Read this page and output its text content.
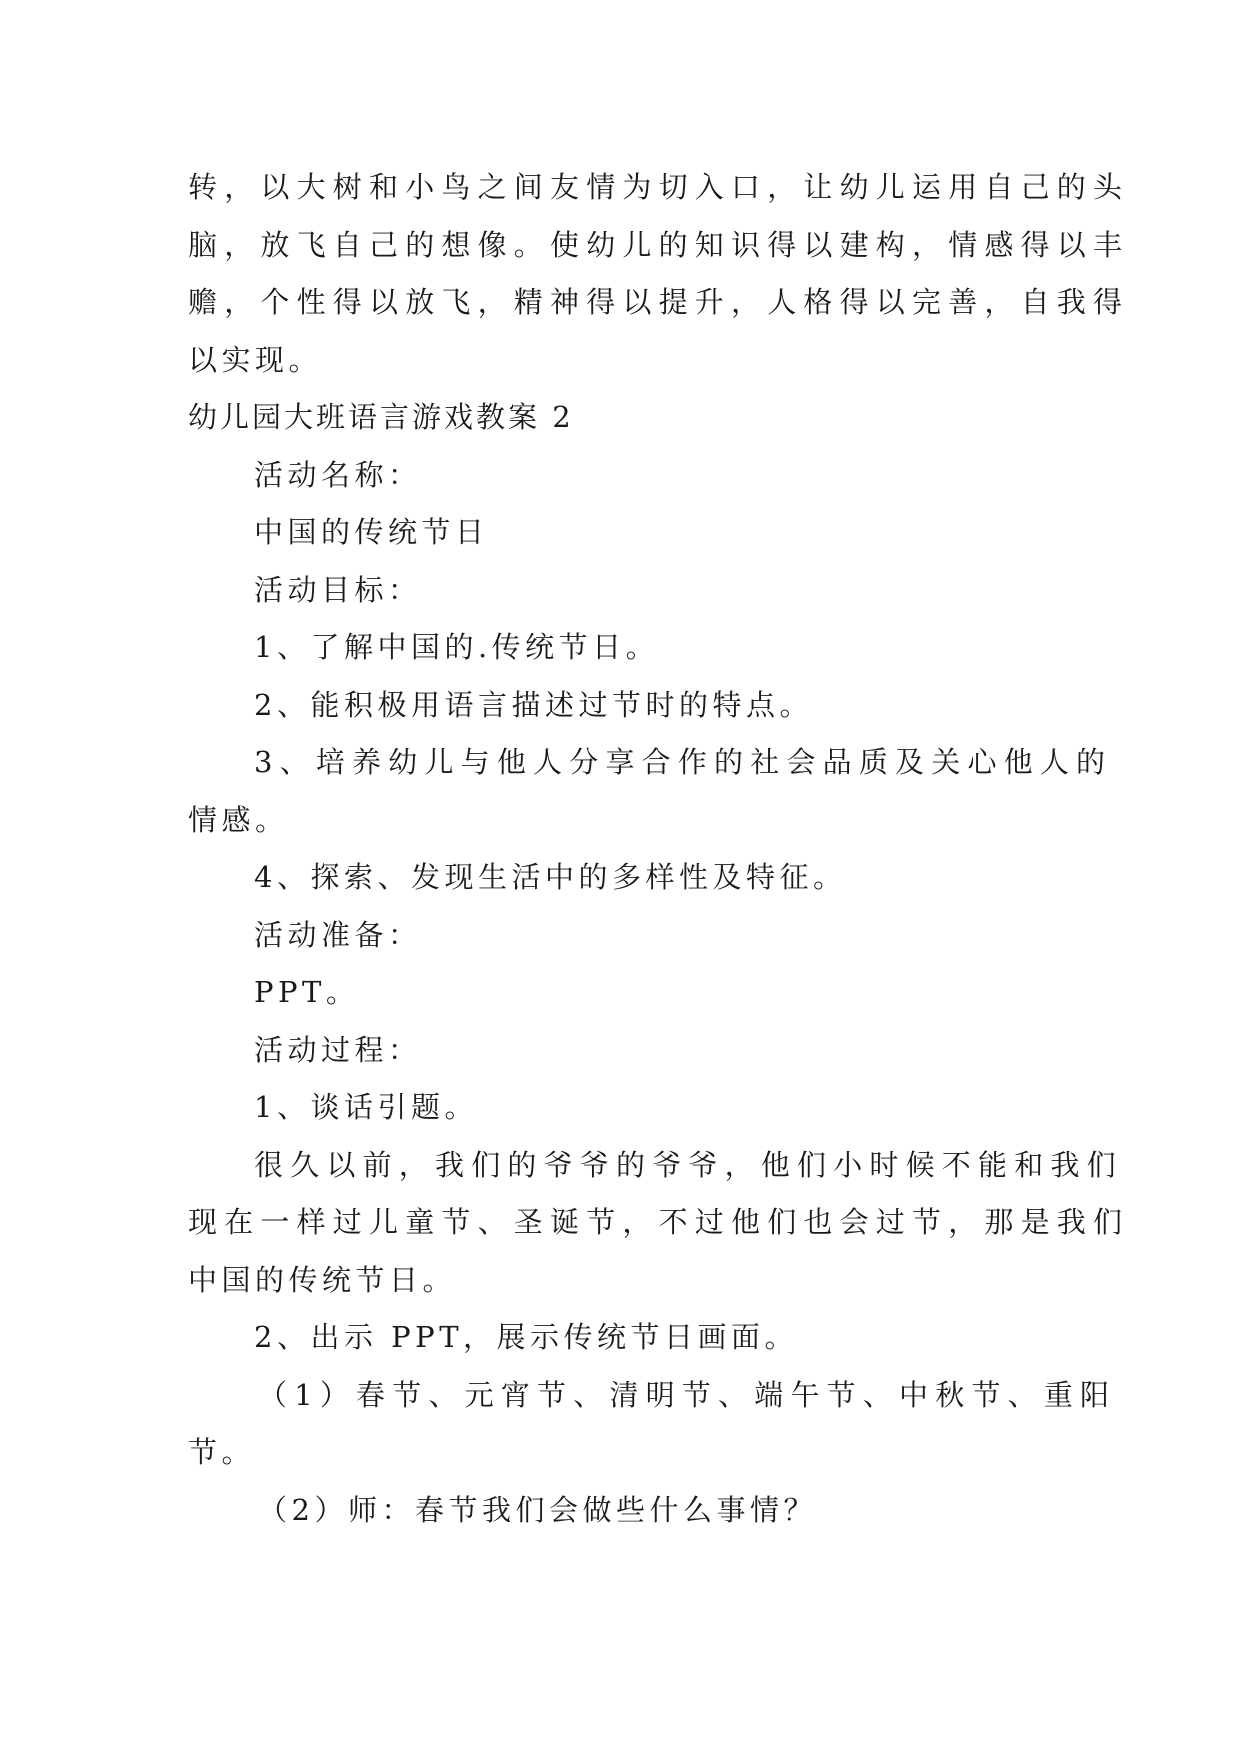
转，以大树和小鸟之间友情为切入口，让幼儿运用自己的头
脑，放飞自己的想像。使幼儿的知识得以建构，情感得以丰
赡，个性得以放飞，精神得以提升，人格得以完善，自我得
以实现。
幼儿园大班语言游戏教案 2
活动名称：
中国的传统节日
活动目标：
1、了解中国的.传统节日。
2、能积极用语言描述过节时的特点。
3、培养幼儿与他人分享合作的社会品质及关心他人的
情感。
4、探索、发现生活中的多样性及特征。
活动准备：
PPT。
活动过程：
1、谈话引题。
很久以前，我们的爷爷的爷爷，他们小时候不能和我们
现在一样过儿童节、圣诞节，不过他们也会过节，那是我们
中国的传统节日。
2、出示 PPT，展示传统节日画面。
（1）春节、元宵节、清明节、端午节、中秋节、重阳
节。
（2）师：春节我们会做些什么事情？
